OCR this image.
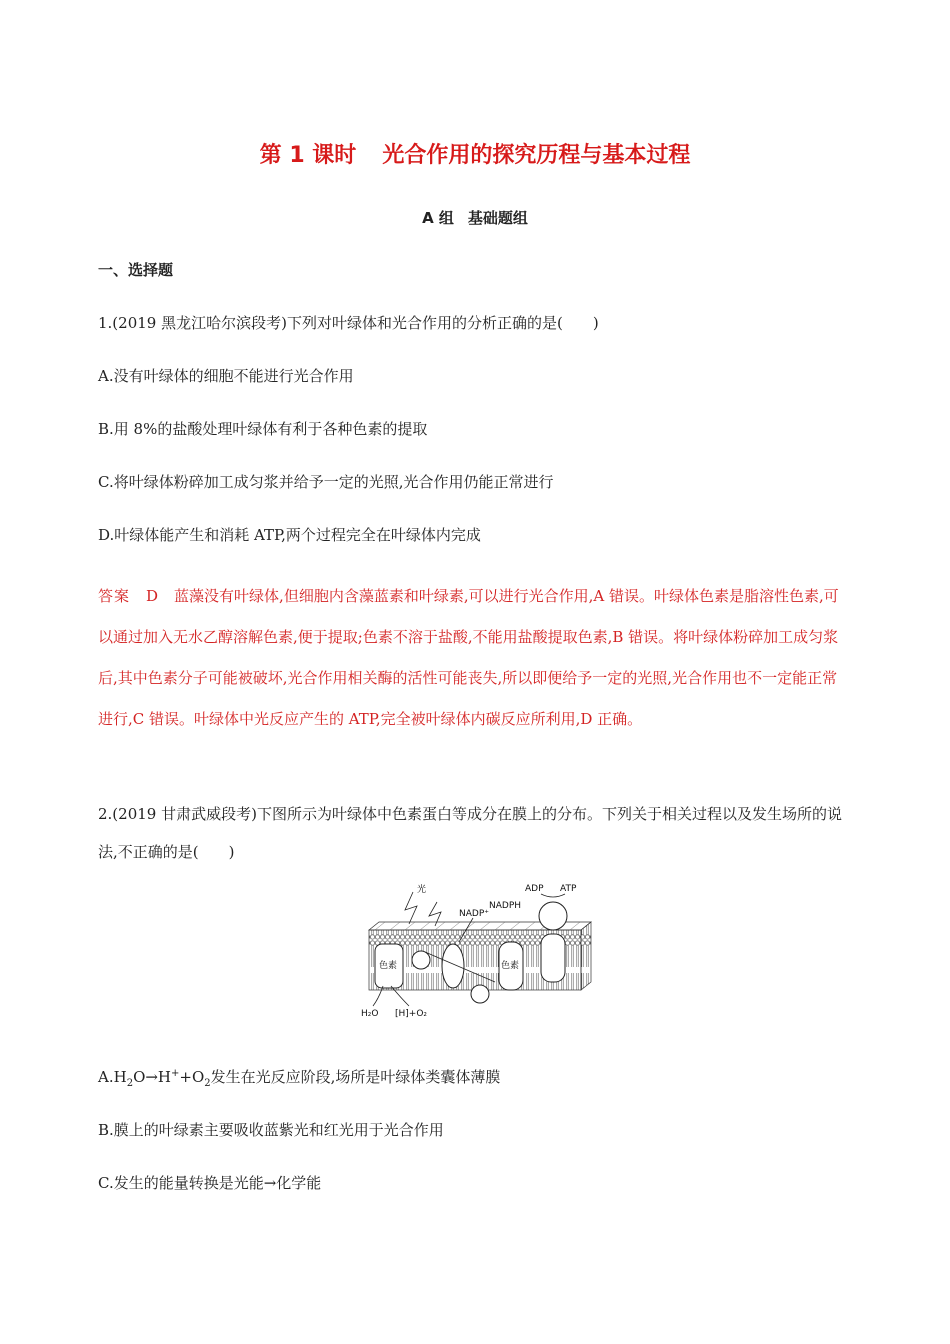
第 1 课时 光合作用的探究历程与基本过程
A 组 基础题组
一、选择题
1.(2019 黑龙江哈尔滨段考)下列对叶绿体和光合作用的分析正确的是( )
A.没有叶绿体的细胞不能进行光合作用
B.用 8%的盐酸处理叶绿体有利于各种色素的提取
C.将叶绿体粉碎加工成匀浆并给予一定的光照,光合作用仍能正常进行
D.叶绿体能产生和消耗 ATP,两个过程完全在叶绿体内完成
答案 D 蓝藻没有叶绿体,但细胞内含藻蓝素和叶绿素,可以进行光合作用,A 错误。叶绿体色素是脂溶性色素,可以通过加入无水乙醇溶解色素,便于提取;色素不溶于盐酸,不能用盐酸提取色素,B 错误。将叶绿体粉碎加工成匀浆后,其中色素分子可能被破坏,光合作用相关酶的活性可能丧失,所以即便给予一定的光照,光合作用也不一定能正常进行,C 错误。叶绿体中光反应产生的 ATP,完全被叶绿体内碳反应所利用,D 正确。
2.(2019 甘肃武威段考)下图所示为叶绿体中色素蛋白等成分在膜上的分布。下列关于相关过程以及发生场所的说法,不正确的是( )
光	ADP ATP
NADP⁺
NADPH
色素	色素
H₂O [H]+O₂
$A.H_2O\to H^++O_2$发生在光反应阶段,场所是叶绿体类囊体薄膜
B.膜上的叶绿素主要吸收蓝紫光和红光用于光合作用
C.发生的能量转换是光能→化学能
